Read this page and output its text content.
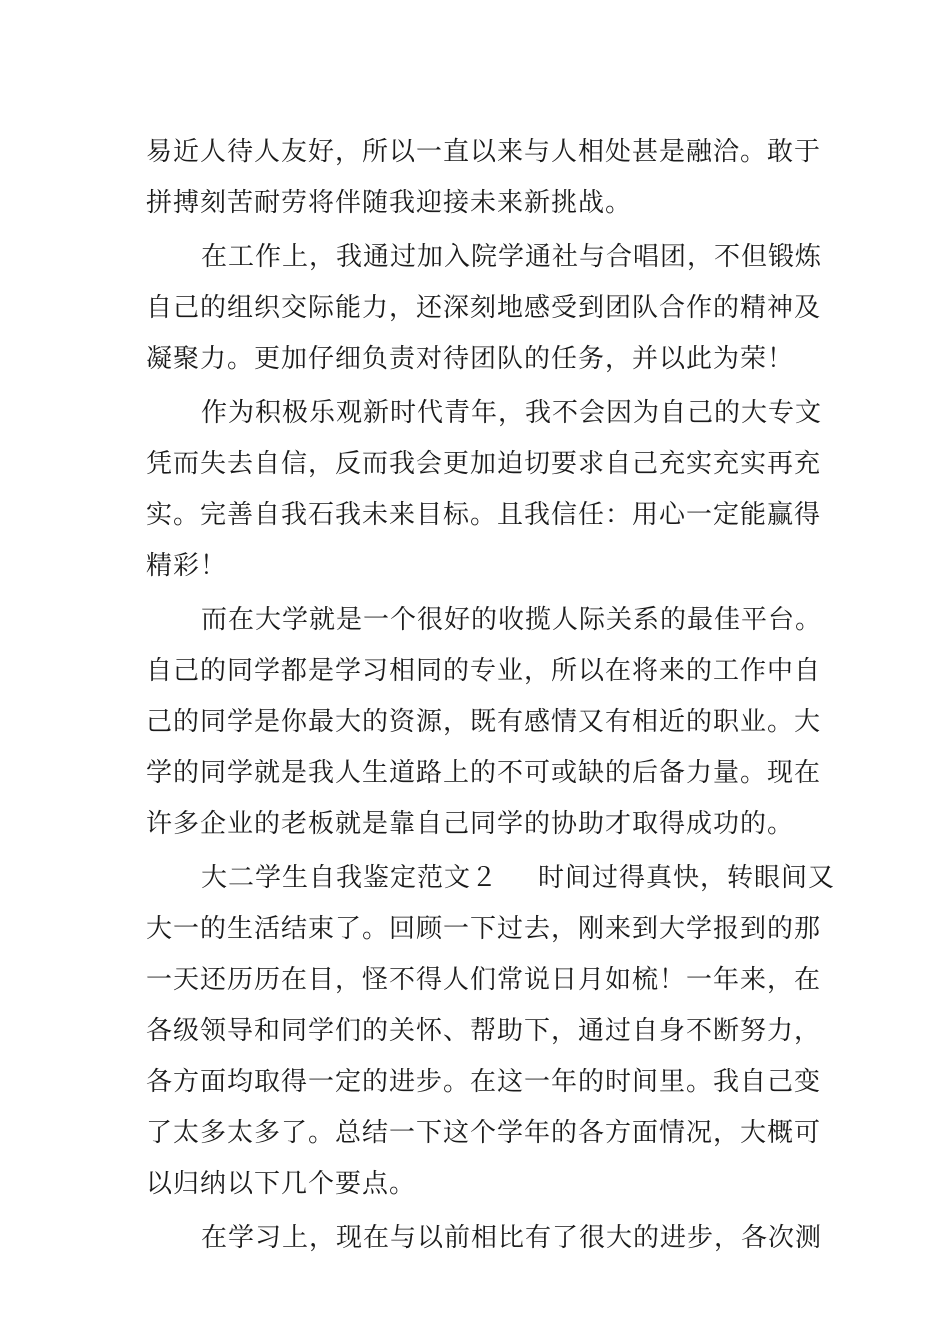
易近人待人友好，所以一直以来与人相处甚是融洽。敢于
拼搏刻苦耐劳将伴随我迎接未来新挑战。
在工作上，我通过加入院学通社与合唱团，不但锻炼
自己的组织交际能力，还深刻地感受到团队合作的精神及
凝聚力。更加仔细负责对待团队的任务，并以此为荣！
作为积极乐观新时代青年，我不会因为自己的大专文
凭而失去自信，反而我会更加迫切要求自己充实充实再充
实。完善自我石我未来目标。且我信任：用心一定能赢得
精彩！
而在大学就是一个很好的收揽人际关系的最佳平台。
自己的同学都是学习相同的专业，所以在将来的工作中自
己的同学是你最大的资源，既有感情又有相近的职业。大
学的同学就是我人生道路上的不可或缺的后备力量。现在
许多企业的老板就是靠自己同学的协助才取得成功的。
大二学生自我鉴定范文２ 时间过得真快，转眼间又
大一的生活结束了。回顾一下过去，刚来到大学报到的那
一天还历历在目，怪不得人们常说日月如梳！一年来，在
各级领导和同学们的关怀、帮助下，通过自身不断努力，
各方面均取得一定的进步。在这一年的时间里。我自己变
了太多太多了。总结一下这个学年的各方面情况，大概可
以归纳以下几个要点。
在学习上，现在与以前相比有了很大的进步，各次测
